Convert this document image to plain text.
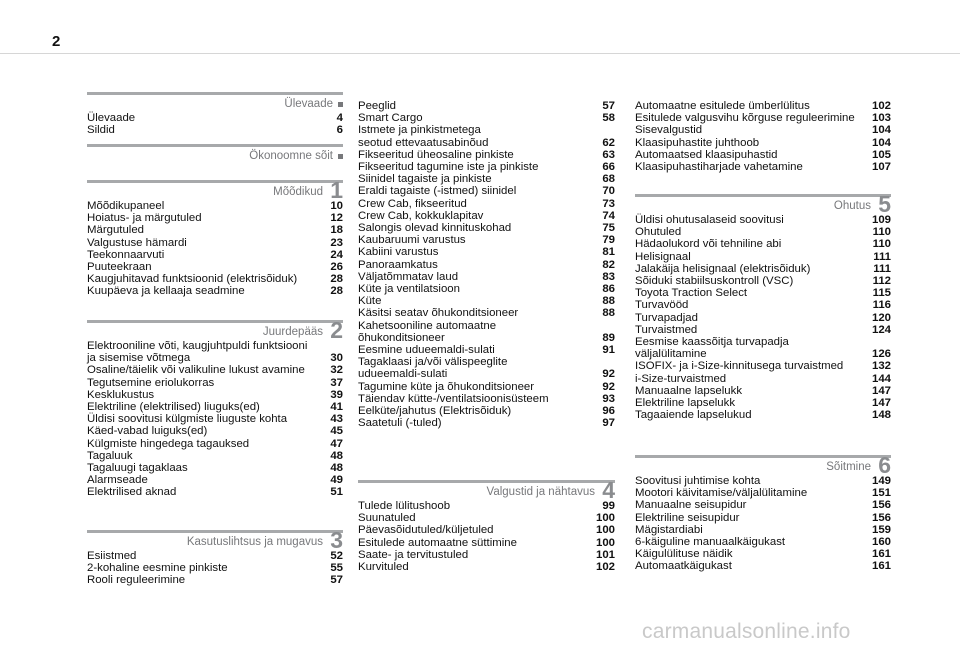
2
Ülevaade
Ülevaade	4
Sildid	6
Ökonoomne sõit
Mõõdikud 1
Mõõdikupaneel	10
Hoiatus- ja märgutuled	12
Märgutuled	18
Valgustuse hämardi	23
Teekonnaarvuti	24
Puuteekraan	26
Kaugjuhitavad funktsioonid (elektrisõiduk)	28
Kuupäeva ja kellaaja seadmine	28
Juurdepääs 2
Elektrooniline võti, kaugjuhtpuldi funktsiooni
ja sisemise võtmega	30
Osaline/täielik või valikuline lukust avamine	32
Tegutsemine eriolukorras	37
Kesklukustus	39
Elektriline (elektrilised) liuguks(ed)	41
Üldisi soovitusi külgmiste liuguste kohta	43
Käed-vabad luiguks(ed)	45
Külgmiste hingedega tagauksed	47
Tagaluuk	48
Tagaluugi tagaklaas	48
Alarmseade	49
Elektrilised aknad	51
Kasutuslihtsus ja mugavus 3
Esiistmed	52
2-kohaline eesmine pinkiste	55
Rooli reguleerimine	57
Peeglid	57
Smart Cargo	58
Istmete ja pinkistmetega
seotud ettevaatusabinõud	62
Fikseeritud üheosaline pinkiste	63
Fikseeritud tagumine iste ja pinkiste	66
Siinidel tagaiste ja pinkiste	68
Eraldi tagaiste (-istmed) siinidel	70
Crew Cab, fikseeritud	73
Crew Cab, kokkuklapitav	74
Salongis olevad kinnituskohad	75
Kaubaruumi varustus	79
Kabiini varustus	81
Panoraamkatus	82
Väljatõmmatav laud	83
Küte ja ventilatsioon	86
Küte	88
Käsitsi seatav õhukonditsioneer	88
Kahetsooniline automaatne
õhukonditsioneer	89
Eesmine udueemaldi-sulati	91
Tagaklaasi ja/või välispeeglite
udueemaldi-sulati	92
Tagumine küte ja õhukonditsioneer	92
Täiendav kütte-/ventilatsioonisüsteem	93
Eelküte/jahutus (Elektrisõiduk)	96
Saatetuli (-tuled)	97
Valgustid ja nähtavus 4
Tulede lülitushoob	99
Suunatuled	100
Päevasõidutuled/küljetuled	100
Esitulede automaatne süttimine	100
Saate- ja tervitustuled	101
Kurvituled	102
Automaatne esitulede ümberlülitus	102
Esitulede valgusvihu kõrguse reguleerimine	103
Sisevalgustid	104
Klaasipuhastite juhthoob	104
Automaatsed klaasipuhastid	105
Klaasipuhastiharjade vahetamine	107
Ohutus 5
Üldisi ohutusalaseid soovitusi	109
Ohutuled	110
Hädaolukord või tehniline abi	110
Helisignaal	111
Jalakäija helisignaal (elektrisõiduk)	111
Sõiduki stabiilsuskontroll (VSC)	112
Toyota Traction Select	115
Turvavööd	116
Turvapadjad	120
Turvaistmed	124
Eesmise kaassõitja turvapadja
väljalülitamine	126
ISOFIX- ja i-Size-kinnitusega turvaistmed	132
i-Size-turvaistmed	144
Manuaalne lapselukk	147
Elektriline lapselukk	147
Tagaaiende lapselukud	148
Sõitmine 6
Soovitusi juhtimise kohta	149
Mootori käivitamise/väljalülitamine	151
Manuaalne seisupidur	156
Elektriline seisupidur	156
Mägistardiabi	159
6-käiguline manuaalkäigukast	160
Käigulülituse näidik	161
Automaatkäigukast	161
carmanualsonline.info
